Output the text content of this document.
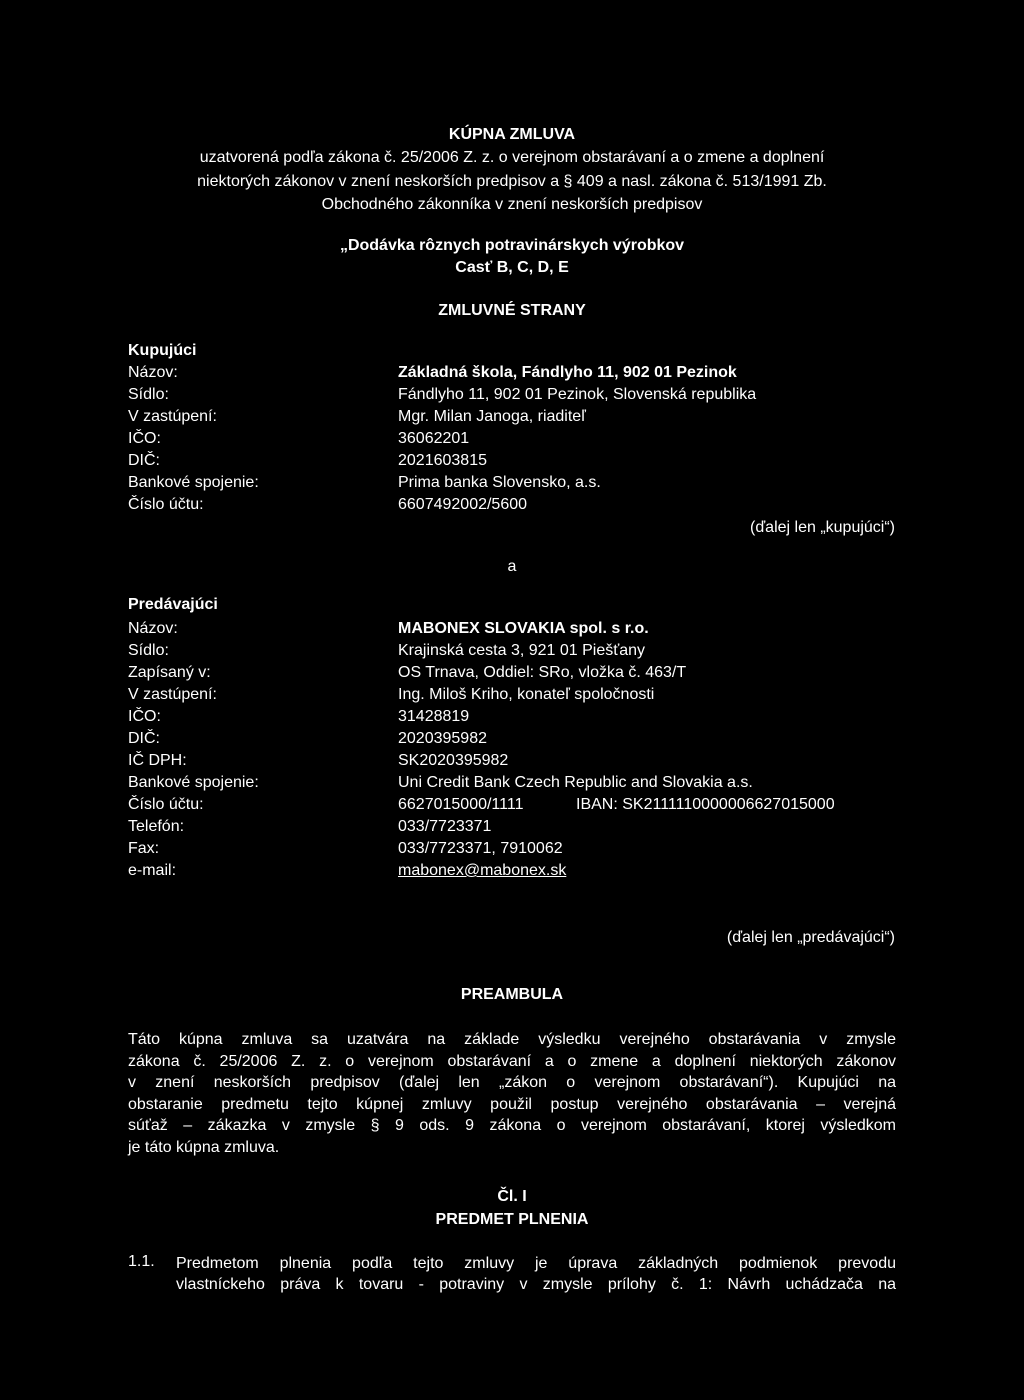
KÚPNA ZMLUVA
uzatvorená podľa zákona č. 25/2006 Z. z. o verejnom obstarávaní a o zmene a doplnení
niektorých zákonov v znení neskorších predpisov a § 409 a nasl. zákona č. 513/1991 Zb.
Obchodného zákonníka v znení neskorších predpisov
„Dodávka rôznych potravinárskych výrobkov
Casť B, C, D, E
ZMLUVNÉ STRANY
Kupujúci
Názov:	Základná škola, Fándlyho 11, 902 01 Pezinok
Sídlo:	Fándlyho 11, 902 01 Pezinok, Slovenská republika
V zastúpení:	Mgr. Milan Janoga, riaditeľ
IČO:	36062201
DIČ:	2021603815
Bankové spojenie:	Prima banka Slovensko, a.s.
Číslo účtu:	6607492002/5600
(ďalej len „kupujúci“)
a
Predávajúci
Názov:	MABONEX SLOVAKIA spol. s r.o.
Sídlo:	Krajinská cesta 3, 921 01 Piešťany
Zapísaný v:	OS Trnava, Oddiel: SRo, vložka č. 463/T
V zastúpení:	Ing. Miloš Kriho, konateľ spoločnosti
IČO:	31428819
DIČ:	2020395982
IČ DPH:	SK2020395982
Bankové spojenie:	Uni Credit Bank Czech Republic and Slovakia a.s.
Číslo účtu:	6627015000/1111	IBAN: SK2111110000006627015000
Telefón:	033/7723371
Fax:	033/7723371, 7910062
e-mail:	mabonex@mabonex.sk
(ďalej len „predávajúci“)
PREAMBULA
Táto kúpna zmluva sa uzatvára na základe výsledku verejného obstarávania v zmysle
zákona č. 25/2006 Z. z. o verejnom obstarávaní a o zmene a doplnení niektorých zákonov
v znení neskorších predpisov (ďalej len „zákon o verejnom obstarávaní“). Kupujúci na
obstaranie predmetu tejto kúpnej zmluvy použil postup verejného obstarávania – verejná
súťaž – zákazka v zmysle § 9 ods. 9 zákona o verejnom obstarávaní, ktorej výsledkom
je táto kúpna zmluva.
Čl. I
PREDMET PLNENIA
1.1. Predmetom plnenia podľa tejto zmluvy je úprava základných podmienok prevodu
vlastníckeho práva k tovaru - potraviny v zmysle prílohy č. 1: Návrh uchádzača na
